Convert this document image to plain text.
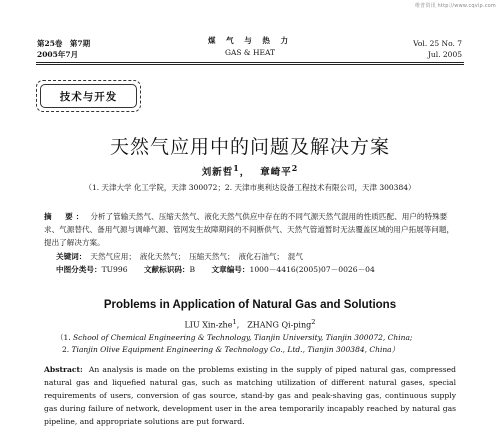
维普资讯 http://www.cqvip.com
第25卷　第7期
2005年7月
煤 气 与 热 力
GAS & HEAT
Vol. 25 No. 7
Jul. 2005
技术与开发
天然气应用中的问题及解决方案
刘新哲$^1$，　 章崎平$^2$
（1. 天津大学 化工学院，天津 300072；2. 天津市奥利达设备工程技术有限公司，天津 300384）
摘　要： 分析了管输天然气、压缩天然气、液化天然气供应中存在的不同气源天然气混用的性质匹配、用户的特殊要求、气源替代、备用气源与调峰气源、管网发生故障期间的不间断供气、天然气管道暂时无法覆盖区域的用户拓展等问题，提出了解决方案。
关键词： 天然气应用；　液化天然气；　压缩天然气；　液化石油气；　混气
中图分类号：TU996 文献标识码：B 文章编号：1000－4416(2005)07－0026－04
Problems in Application of Natural Gas and Solutions
LIU Xin-zhe$^1$,　ZHANG Qi-ping$^2$
（1. School of Chemical Engineering & Technology, Tianjin University, Tianjin 300072, China;
2. Tianjin Olive Equipment Engineering & Technology Co., Ltd., Tianjin 300384, China）
Abstract: An analysis is made on the problems existing in the supply of piped natural gas, compressed natural gas and liquefied natural gas, such as matching utilization of different natural gases, special requirements of users, conversion of gas source, stand-by gas and peak-shaving gas, continuous supply gas during failure of network, development user in the area temporarily incapably reached by natural gas pipeline, and appropriate solutions are put forward.
